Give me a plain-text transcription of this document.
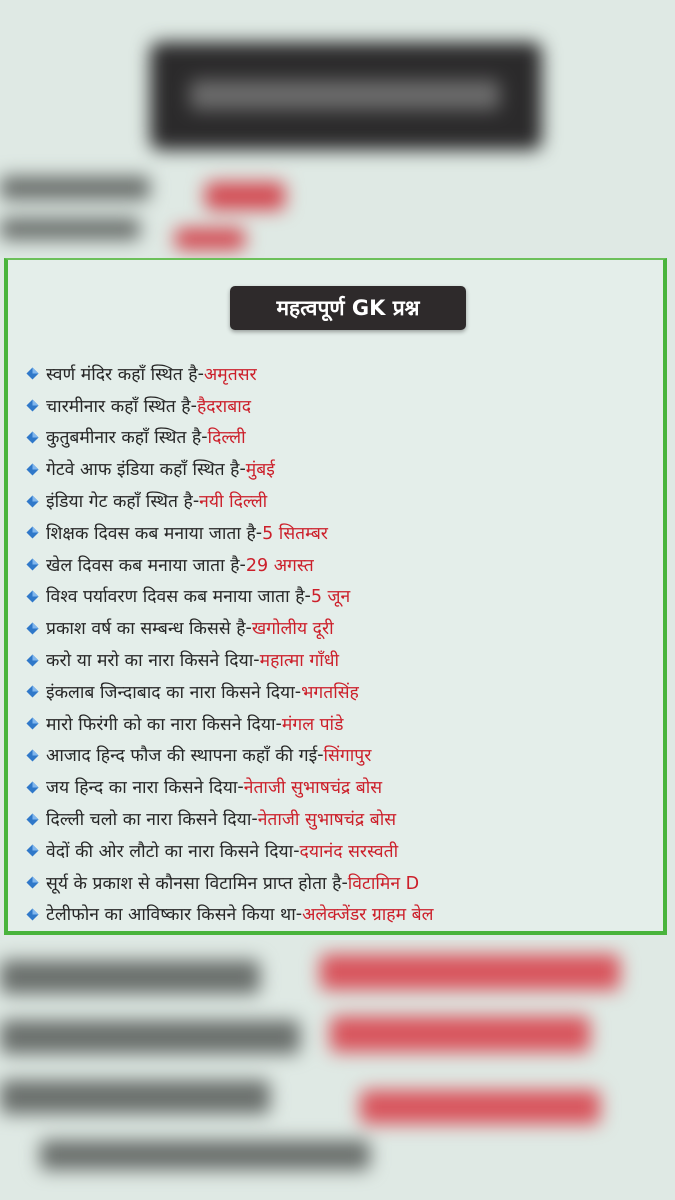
महत्वपूर्ण GK प्रश्न
स्वर्ण मंदिर कहाँ स्थित है - अमृतसर
चारमीनार कहाँ स्थित है - हैदराबाद
कुतुबमीनार कहाँ स्थित है - दिल्ली
गेटवे आफ इंडिया कहाँ स्थित है - मुंबई
इंडिया गेट कहाँ स्थित है - नयी दिल्ली
शिक्षक दिवस कब मनाया जाता है - 5 सितम्बर
खेल दिवस कब मनाया जाता है - 29 अगस्त
विश्व पर्यावरण दिवस कब मनाया जाता है - 5 जून
प्रकाश वर्ष का सम्बन्ध किससे है - खगोलीय दूरी
करो या मरो का नारा किसने दिया - महात्मा गाँधी
इंकलाब जिन्दाबाद का नारा किसने दिया - भगतसिंह
मारो फिरंगी को का नारा किसने दिया - मंगल पांडे
आजाद हिन्द फौज की स्थापना कहाँ की गई - सिंगापुर
जय हिन्द का नारा किसने दिया - नेताजी सुभाषचंद्र बोस
दिल्ली चलो का नारा किसने दिया - नेताजी सुभाषचंद्र बोस
वेदों की ओर लौटो का नारा किसने दिया - दयानंद सरस्वती
सूर्य के प्रकाश से कौनसा विटामिन प्राप्त होता है - विटामिन D
टेलीफोन का आविष्कार किसने किया था - अलेक्जेंडर ग्राहम बेल
